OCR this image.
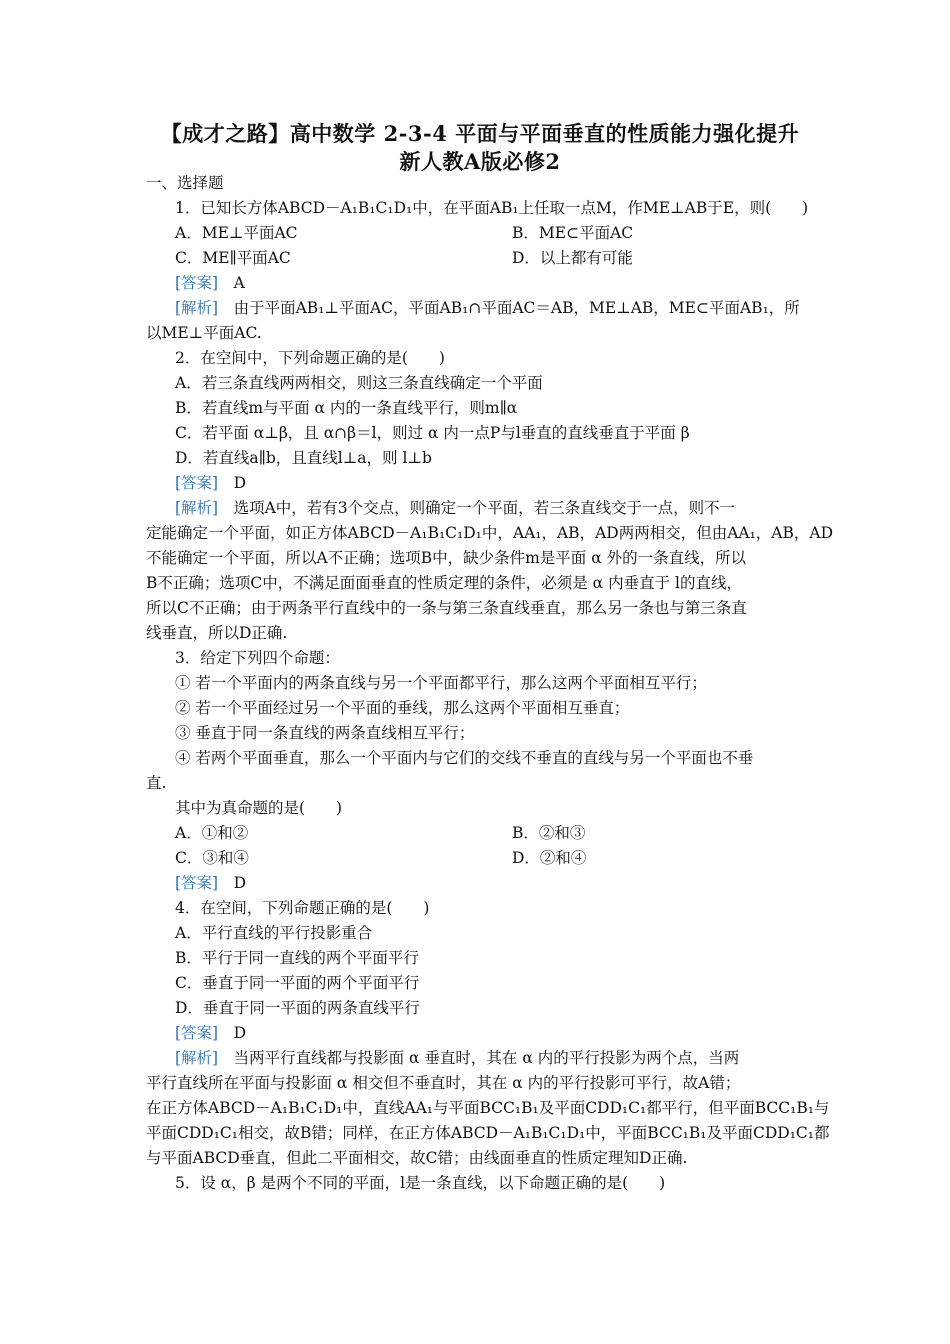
【成才之路】高中数学 2-3-4 平面与平面垂直的性质能力强化提升
新人教A版必修2
一、选择题
1．已知长方体ABCD－A₁B₁C₁D₁中，在平面AB₁上任取一点M，作ME⊥AB于E，则(　　)
A．ME⊥平面AC	B．ME⊂平面AC
C．ME∥平面AC	D．以上都有可能
[答案]　 A
[解析]　由于平面AB₁⊥平面AC，平面AB₁∩平面AC＝AB，ME⊥AB，ME⊂平面AB₁，所
以ME⊥平面AC.
2．在空间中，下列命题正确的是(　　)
A．若三条直线两两相交，则这三条直线确定一个平面
B．若直线m与平面 α 内的一条直线平行，则m∥α
C．若平面 α⊥β，且 α∩β＝l，则过 α 内一点P与l垂直的直线垂直于平面 β
D．若直线a∥b，且直线l⊥a，则 l⊥b
[答案]　 D
[解析]　选项A中，若有3个交点，则确定一个平面，若三条直线交于一点，则不一
定能确定一个平面，如正方体ABCD－A₁B₁C₁D₁中，AA₁，AB，AD两两相交，但由AA₁，AB，AD
不能确定一个平面，所以A不正确；选项B中，缺少条件m是平面 α 外的一条直线，所以
B不正确；选项C中，不满足面面垂直的性质定理的条件，必须是 α 内垂直于 l的直线，
所以C不正确；由于两条平行直线中的一条与第三条直线垂直，那么另一条也与第三条直
线垂直，所以D正确.
3．给定下列四个命题：
① 若一个平面内的两条直线与另一个平面都平行，那么这两个平面相互平行；
② 若一个平面经过另一个平面的垂线，那么这两个平面相互垂直；
③ 垂直于同一条直线的两条直线相互平行；
④ 若两个平面垂直，那么一个平面内与它们的交线不垂直的直线与另一个平面也不垂
直.
其中为真命题的是(　　)
A．①和②	B．②和③
C．③和④	D．②和④
[答案]　 D
4．在空间，下列命题正确的是(　　)
A．平行直线的平行投影重合
B．平行于同一直线的两个平面平行
C．垂直于同一平面的两个平面平行
D．垂直于同一平面的两条直线平行
[答案]　 D
[解析]　当两平行直线都与投影面 α 垂直时，其在 α 内的平行投影为两个点，当两
平行直线所在平面与投影面 α 相交但不垂直时，其在 α 内的平行投影可平行，故A错；
在正方体ABCD－A₁B₁C₁D₁中，直线AA₁与平面BCC₁B₁及平面CDD₁C₁都平行，但平面BCC₁B₁与
平面CDD₁C₁相交，故B错；同样，在正方体ABCD－A₁B₁C₁D₁中，平面BCC₁B₁及平面CDD₁C₁都
与平面ABCD垂直，但此二平面相交，故C错；由线面垂直的性质定理知D正确.
5．设 α，β 是两个不同的平面，l是一条直线，以下命题正确的是(　　)
